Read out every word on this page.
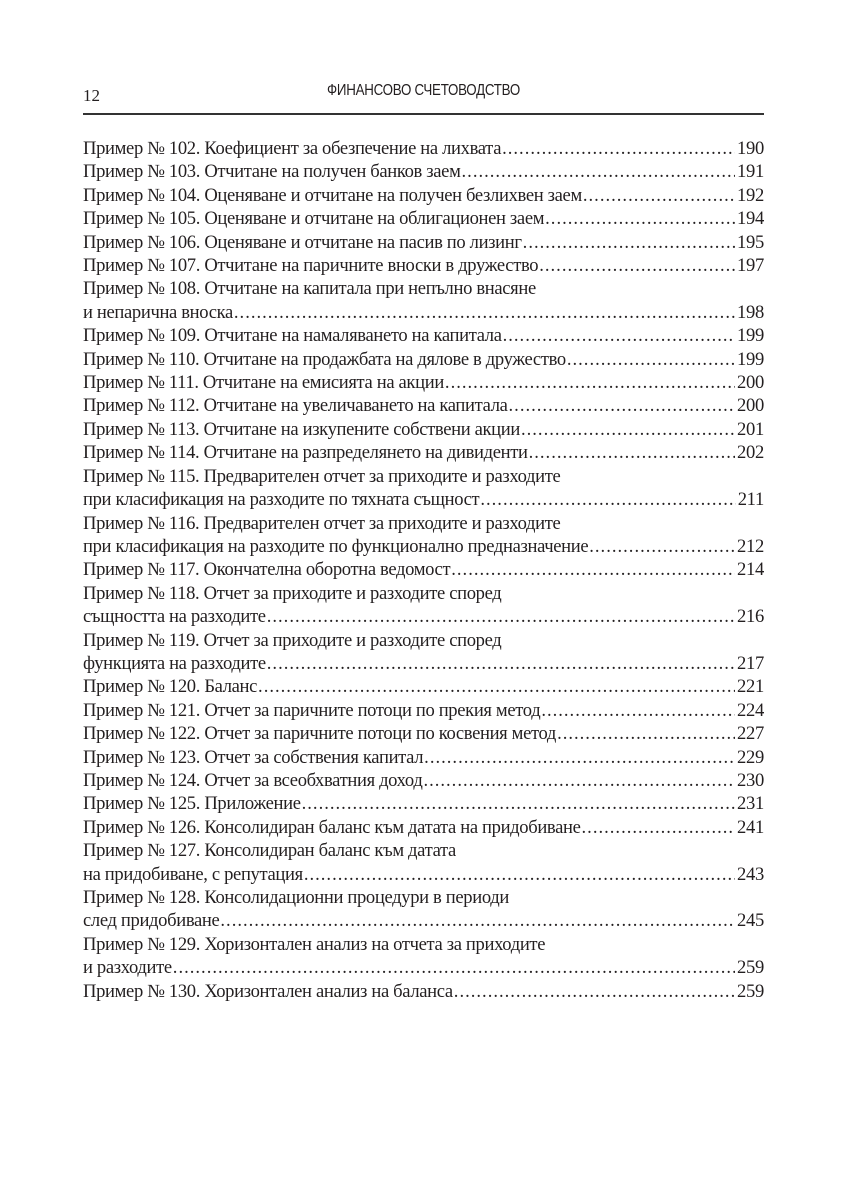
12	ФИНАНСОВО СЧЕТОВОДСТВО
Пример № 102. Коефициент за обезпечение на лихвата .....	190
Пример № 103. Отчитане на получен банков заем .....	191
Пример № 104. Оценяване и отчитане на получен безлихвен заем .....	192
Пример № 105. Оценяване и отчитане на облигационен заем .....	194
Пример № 106. Оценяване и отчитане на пасив по лизинг .....	195
Пример № 107. Отчитане на паричните вноски в дружество .....	197
Пример № 108. Отчитане на капитала при непълно внасяне
и непарична вноска .....	198
Пример № 109. Отчитане на намаляването на капитала .....	199
Пример № 110. Отчитане на продажбата на дялове в дружество .....	199
Пример № 111. Отчитане на емисията на акции .....	200
Пример № 112. Отчитане на увеличаването на капитала .....	200
Пример № 113. Отчитане на изкупените собствени акции .....	201
Пример № 114. Отчитане на разпределянето на дивиденти .....	202
Пример № 115. Предварителен отчет за приходите и разходите
при класификация на разходите по тяхната същност .....	211
Пример № 116. Предварителен отчет за приходите и разходите
при класификация на разходите по функционално предназначение .....	212
Пример № 117. Окончателна оборотна ведомост .....	214
Пример № 118. Отчет за приходите и разходите според
същността на разходите .....	216
Пример № 119. Отчет за приходите и разходите според
функцията на разходите .....	217
Пример № 120. Баланс .....	221
Пример № 121. Отчет за паричните потоци по прекия метод .....	224
Пример № 122. Отчет за паричните потоци по косвения метод .....	227
Пример № 123. Отчет за собствения капитал .....	229
Пример № 124. Отчет за всеобхватния доход .....	230
Пример № 125. Приложение .....	231
Пример № 126. Консолидиран баланс към датата на придобиване .....	241
Пример № 127. Консолидиран баланс към датата
на придобиване, с репутация .....	243
Пример № 128. Консолидационни процедури в периоди
след придобиване .....	245
Пример № 129. Хоризонтален анализ на отчета за приходите
и разходите .....	259
Пример № 130. Хоризонтален анализ на баланса .....	259
